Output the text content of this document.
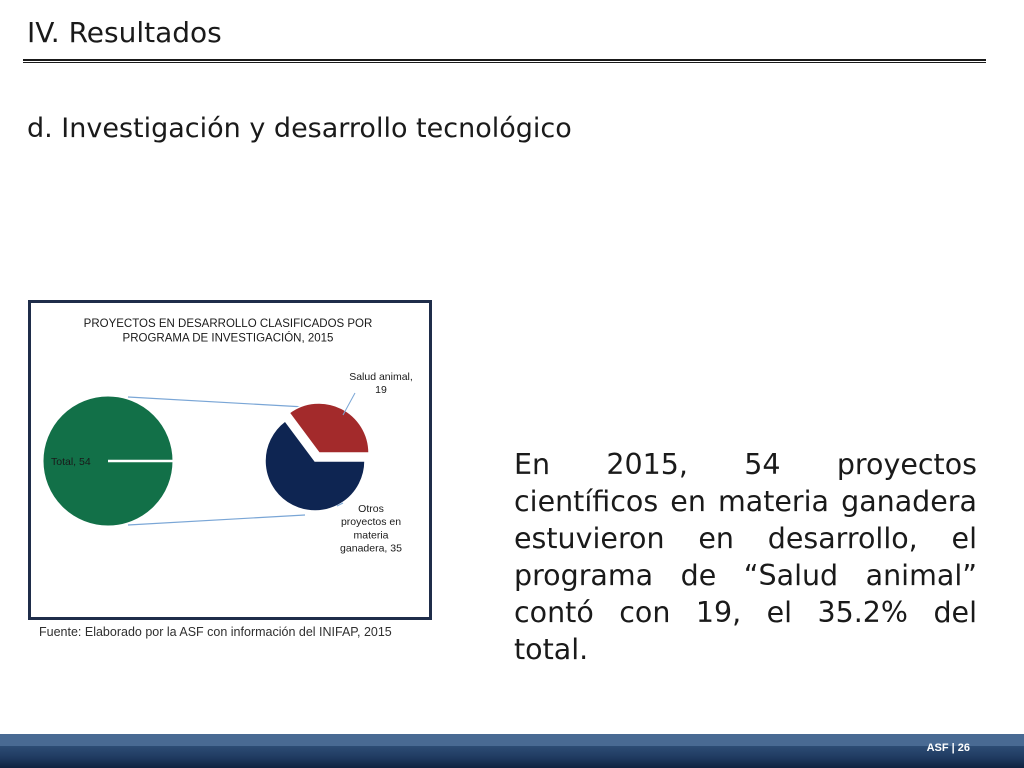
IV. Resultados
d. Investigación y desarrollo tecnológico
PROYECTOS EN DESARROLLO CLASIFICADOS POR PROGRAMA DE INVESTIGACIÓN, 2015
Total, 54
Salud animal, 19
Otros proyectos en materia ganadera, 35
Fuente: Elaborado por la ASF con información del INIFAP, 2015
En 2015, 54 proyectos científicos en materia ganadera estuvieron en desarrollo, el programa de “Salud animal” contó con 19, el 35.2% del total.
ASF | 26
